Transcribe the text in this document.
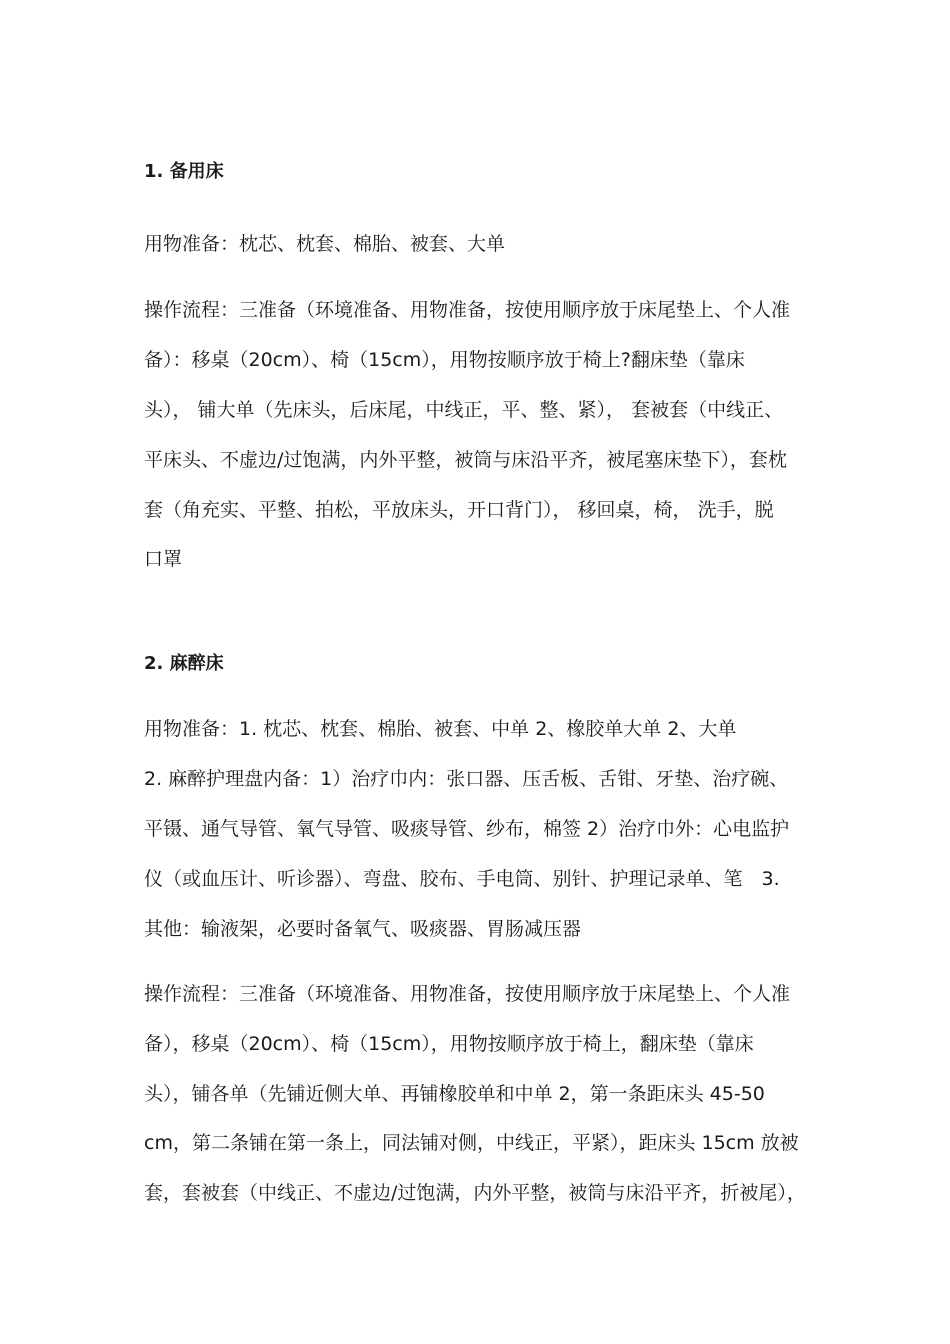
1. 备用床
用物准备：枕芯、枕套、棉胎、被套、大单
操作流程：三准备（环境准备、用物准备，按使用顺序放于床尾垫上、个人准
备）：移桌（20cm）、椅（15cm），用物按顺序放于椅上?翻床垫（靠床
头）， 铺大单（先床头，后床尾，中线正，平、整、紧）， 套被套（中线正、
平床头、不虚边/过饱满，内外平整，被筒与床沿平齐，被尾塞床垫下），套枕
套（角充实、平整、拍松，平放床头，开口背门）， 移回桌，椅， 洗手，脱
口罩
2. 麻醉床
用物准备：1. 枕芯、枕套、棉胎、被套、中单 2、橡胶单大单 2、大单
2. 麻醉护理盘内备：1）治疗巾内：张口器、压舌板、舌钳、牙垫、治疗碗、
平镊、通气导管、氧气导管、吸痰导管、纱布，棉签 2）治疗巾外：心电监护
仪（或血压计、听诊器）、弯盘、胶布、手电筒、别针、护理记录单、笔　3.
其他：输液架，必要时备氧气、吸痰器、胃肠减压器
操作流程：三准备（环境准备、用物准备，按使用顺序放于床尾垫上、个人准
备），移桌（20cm）、椅（15cm），用物按顺序放于椅上，翻床垫（靠床
头），铺各单（先铺近侧大单、再铺橡胶单和中单 2，第一条距床头 45-50
cm，第二条铺在第一条上，同法铺对侧，中线正，平紧），距床头 15cm 放被
套，套被套（中线正、不虚边/过饱满，内外平整，被筒与床沿平齐，折被尾），
